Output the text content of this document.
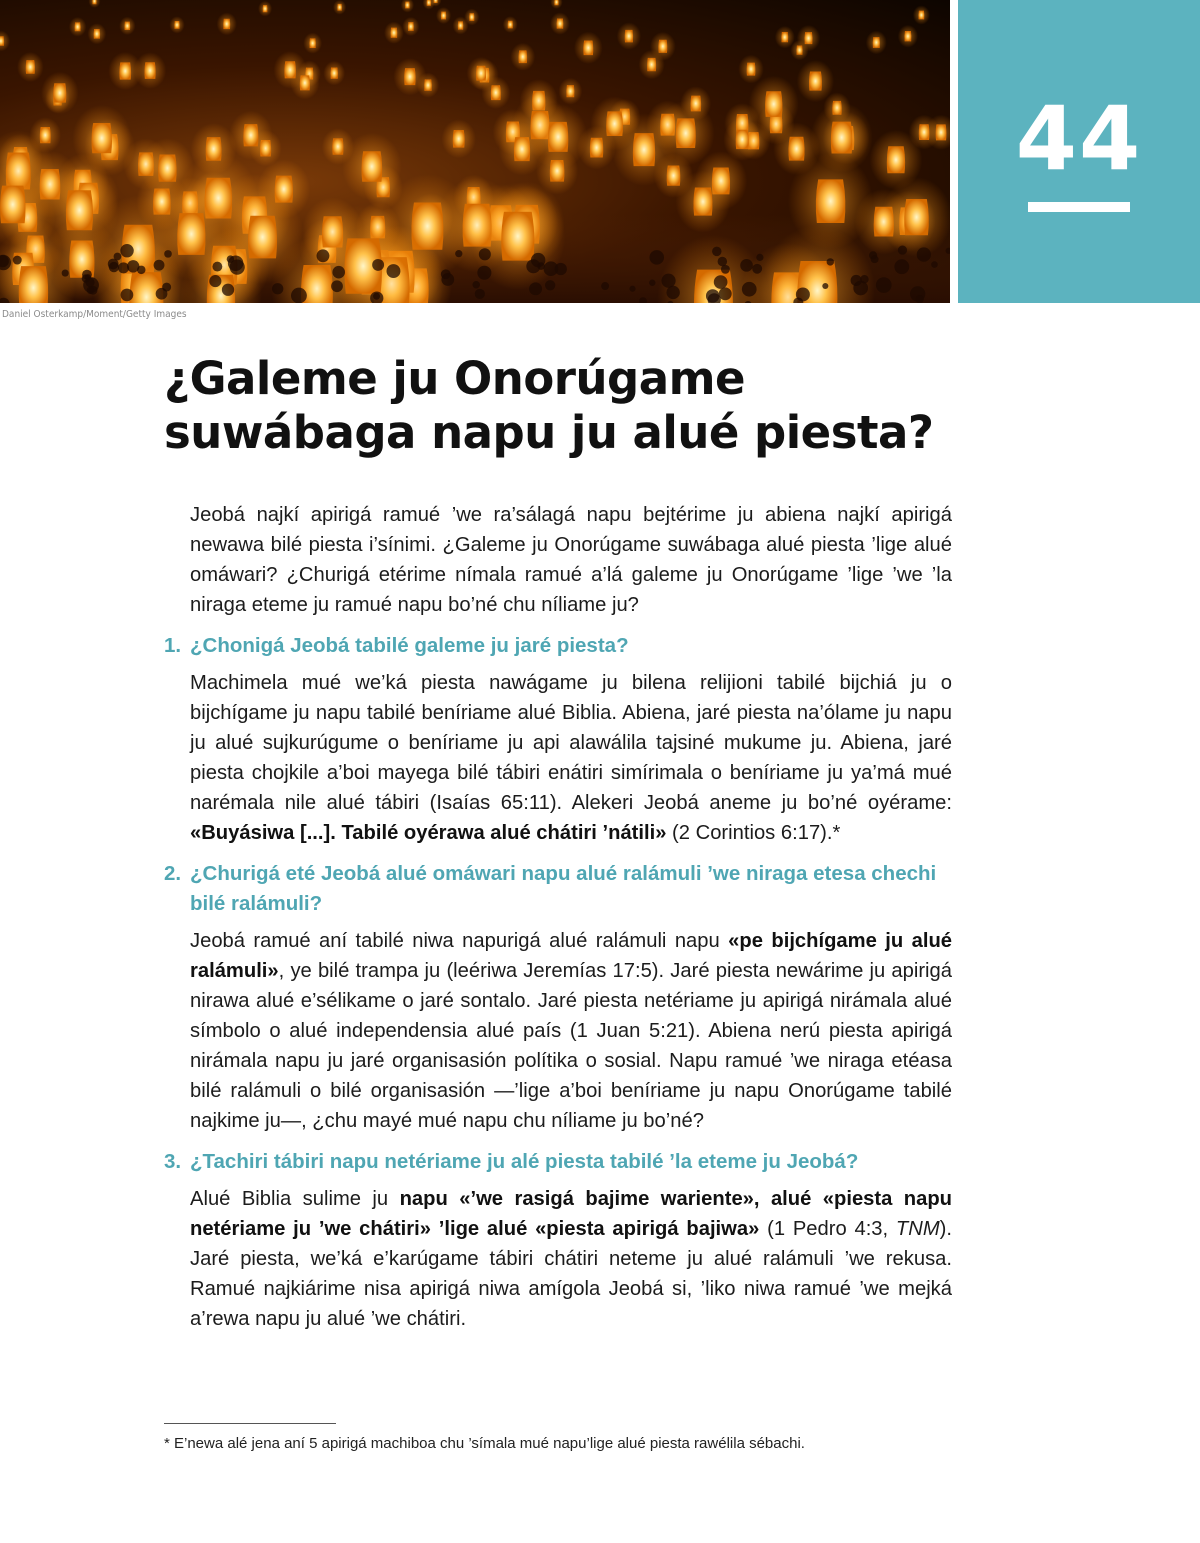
44
Daniel Osterkamp/Moment/Getty Images
¿Galeme ju Onorúgame
suwábaga napu ju alué piesta?

Jeobá najkí apirigá ramué ’we ra’sálagá napu bejtérime ju abiena najkí apirigá newawa bilé piesta i’sínimi. ¿Galeme ju Onorúgame suwábaga alué piesta ’lige alué omáwari? ¿Churigá etérime nímala ramué a’lá galeme ju Onorúgame ’lige ’we ’la niraga eteme ju ramué napu bo’né chu níliame ju?

1. ¿Chonigá Jeobá tabilé galeme ju jaré piesta?

Machimela mué we’ká piesta nawágame ju bilena relijioni tabilé bijchiá ju o bijchígame ju napu tabilé beníriame alué Biblia. Abiena, jaré piesta na’ólame ju napu ju alué sujkurúgume o beníriame ju api alawálila tajsiné mukume ju. Abiena, jaré piesta chojkile a’boi mayega bilé tábiri enátiri simírimala o beníriame ju ya’má mué narémala nile alué tábiri (Isaías 65:11). Alekeri Jeobá aneme ju bo’né oyérame: «Buyásiwa [...]. Tabilé oyérawa alué chátiri ’nátili» (2 Corintios 6:17).*

2. ¿Churigá eté Jeobá alué omáwari napu alué ralámuli ’we niraga etesa chechi bilé ralámuli?

Jeobá ramué aní tabilé niwa napurigá alué ralámuli napu «pe bijchígame ju alué ralámuli», ye bilé trampa ju (leériwa Jeremías 17:5). Jaré piesta newárime ju apirigá nirawa alué e’sélikame o jaré sontalo. Jaré piesta netériame ju apirigá nirámala alué símbolo o alué independensia alué país (1 Juan 5:21). Abiena nerú piesta apirigá nirámala napu ju jaré organisasión polítika o sosial. Napu ramué ’we niraga etéasa bilé ralámuli o bilé organisasión —’lige a’boi beníriame ju napu Onorúgame tabilé najkime ju—, ¿chu mayé mué napu chu níliame ju bo’né?

3. ¿Tachiri tábiri napu netériame ju alé piesta tabilé ’la eteme ju Jeobá?

Alué Biblia sulime ju napu «’we rasigá bajime wariente», alué «piesta napu netériame ju ’we chátiri» ’lige alué «piesta apirigá bajiwa» (1 Pedro 4:3, TNM). Jaré piesta, we’ká e’karúgame tábiri chátiri neteme ju alué ralámuli ’we rekusa. Ramué najkiárime nisa apirigá niwa amígola Jeobá si, ’liko niwa ramué ’we mejká a’rewa napu ju alué ’we chátiri.

* E’newa alé jena aní 5 apirigá machiboa chu ’símala mué napu’lige alué piesta rawélila sébachi.
